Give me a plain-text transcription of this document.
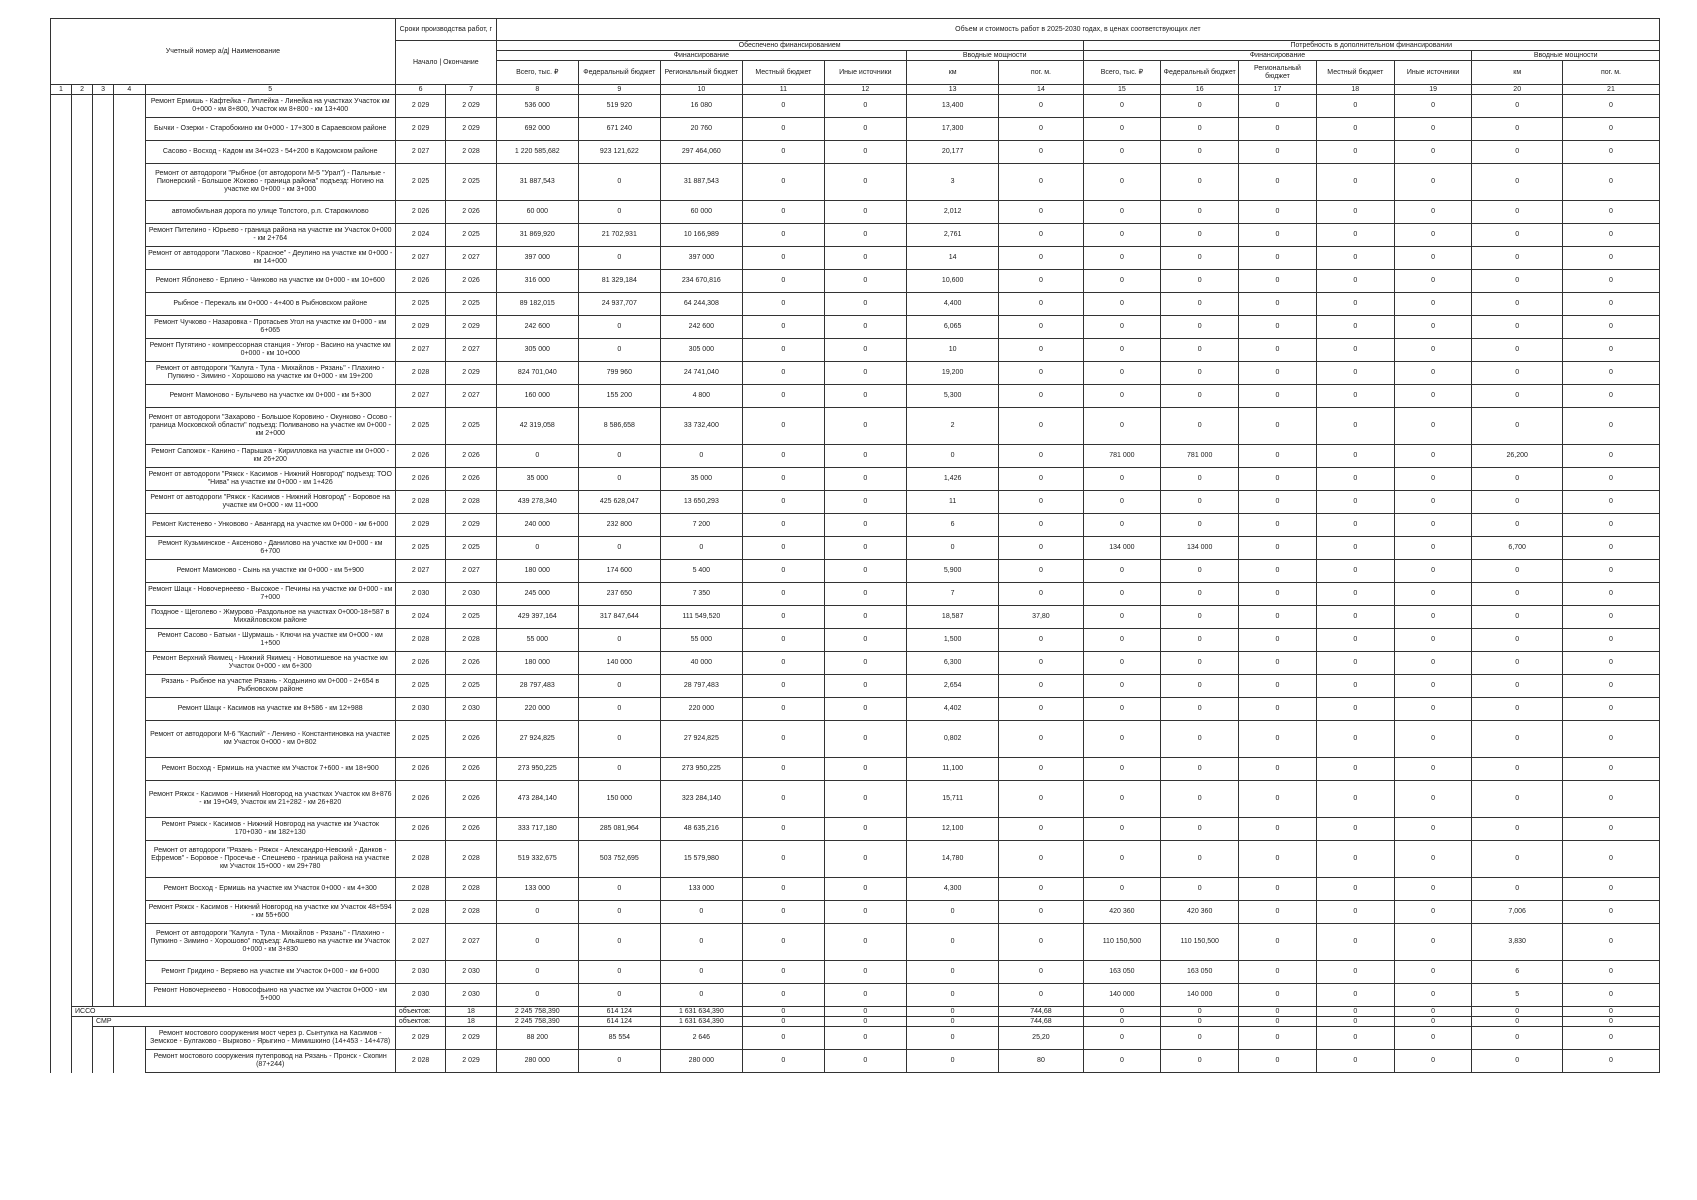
Учетный номер а/д| Наименование					Сроки производства работ, г		Объем и стоимость работ в 2025-2030 годах, в ценах соответствующих лет													
					Начало | Окончание		Обеспечено финансированием							Потребность в дополнительном финансировании						
							Финансирование					Вводные мощности		Финансирование					Вводные мощности	
							Всего, тыс. ₽	Федеральный бюджет	Региональный бюджет	Местный бюджет	Иные источники	км	пог. м.	Всего, тыс. ₽	Федеральный бюджет	Региональный бюджет	Местный бюджет	Иные источники	км	пог. м.
1	2	3	4	5	6	7	8	9	10	11	12	13	14	15	16	17	18	19	20	21
				Ремонт Ермишь - Кафтейка - Липлейка - Линейка на участках Участок км 0+000 - км 8+800, Участок км 8+800 - км 13+400	2 029	2 029	536 000	519 920	16 080	0	0	13,400	0	0	0	0	0	0	0	0
				Бычки - Озерки - Старобокино км 0+000 - 17+300 в Сараевском районе	2 029	2 029	692 000	671 240	20 760	0	0	17,300	0	0	0	0	0	0	0	0
				Сасово - Восход - Кадом км 34+023 - 54+200 в Кадомском районе	2 027	2 028	1 220 585,682	923 121,622	297 464,060	0	0	20,177	0	0	0	0	0	0	0	0
				Ремонт от автодороги "Рыбное (от автодороги М-5 "Урал") - Пальные - Пионерский - Большое Жоково - граница района" подъезд: Ногино на участке км 0+000 - км 3+000	2 025	2 025	31 887,543	0	31 887,543	0	0	3	0	0	0	0	0	0	0	0
				автомобильная дорога по улице Толстого, р.п. Старожилово	2 026	2 026	60 000	0	60 000	0	0	2,012	0	0	0	0	0	0	0	0
				Ремонт Пителино - Юрьево - граница района на участке км Участок 0+000 - км 2+764	2 024	2 025	31 869,920	21 702,931	10 166,989	0	0	2,761	0	0	0	0	0	0	0	0
				Ремонт от автодороги "Ласково - Красное" - Деулино на участке км 0+000 - км 14+000	2 027	2 027	397 000	0	397 000	0	0	14	0	0	0	0	0	0	0	0
				Ремонт Яблонево - Ерлино - Чинково на участке км 0+000 - км 10+600	2 026	2 026	316 000	81 329,184	234 670,816	0	0	10,600	0	0	0	0	0	0	0	0
				Рыбное - Перекаль км 0+000 - 4+400 в Рыбновском районе	2 025	2 025	89 182,015	24 937,707	64 244,308	0	0	4,400	0	0	0	0	0	0	0	0
				Ремонт Чучково - Назаровка - Протасьев Угол на участке км 0+000 - км 6+065	2 029	2 029	242 600	0	242 600	0	0	6,065	0	0	0	0	0	0	0	0
				Ремонт Путятино - компрессорная станция - Унгор - Васино на участке км 0+000 - км 10+000	2 027	2 027	305 000	0	305 000	0	0	10	0	0	0	0	0	0	0	0
				Ремонт от автодороги "Калуга - Тула - Михайлов - Рязань" - Плахино - Пупкино - Зимино - Хорошово на участке км 0+000 - км 19+200	2 028	2 029	824 701,040	799 960	24 741,040	0	0	19,200	0	0	0	0	0	0	0	0
				Ремонт Мамоново - Булычево на участке км 0+000 - км 5+300	2 027	2 027	160 000	155 200	4 800	0	0	5,300	0	0	0	0	0	0	0	0
				Ремонт от автодороги "Захарово - Большое Коровино - Окунково - Осово - граница Московской области" подъезд: Поливаново на участке км 0+000 - км 2+000	2 025	2 025	42 319,058	8 586,658	33 732,400	0	0	2	0	0	0	0	0	0	0	0
				Ремонт Сапожок - Канино - Парышка - Кирилловка на участке км 0+000 - км 26+200	2 026	2 026	0	0	0	0	0	0	0	781 000	781 000	0	0	0	26,200	0
				Ремонт от автодороги "Ряжск - Касимов - Нижний Новгород" подъезд: ТОО "Нива" на участке км 0+000 - км 1+426	2 026	2 026	35 000	0	35 000	0	0	1,426	0	0	0	0	0	0	0	0
				Ремонт от автодороги "Ряжск - Касимов - Нижний Новгород" - Боровое на участке км 0+000 - км 11+000	2 028	2 028	439 278,340	425 628,047	13 650,293	0	0	11	0	0	0	0	0	0	0	0
				Ремонт Кистенево - Унковово - Авангард на участке км 0+000 - км 6+000	2 029	2 029	240 000	232 800	7 200	0	0	6	0	0	0	0	0	0	0	0
				Ремонт Кузьминское - Аксеново - Даниловo на участке км 0+000 - км 6+700	2 025	2 025	0	0	0	0	0	0	0	134 000	134 000	0	0	0	6,700	0
				Ремонт Мамоново - Сынь на участке км 0+000 - км 5+900	2 027	2 027	180 000	174 600	5 400	0	0	5,900	0	0	0	0	0	0	0	0
				Ремонт Шацк - Новочернеево - Высокое - Печины на участке км 0+000 - км 7+000	2 030	2 030	245 000	237 650	7 350	0	0	7	0	0	0	0	0	0	0	0
				Поздное - Щеголево - Жмурово -Раздольное на участках 0+000-18+587 в Михайловском районе	2 024	2 025	429 397,164	317 847,644	111 549,520	0	0	18,587	37,80	0	0	0	0	0	0	0
				Ремонт Сасово - Батьки - Шурмашь - Ключи на участке км 0+000 - км 1+500	2 028	2 028	55 000	0	55 000	0	0	1,500	0	0	0	0	0	0	0	0
				Ремонт Верхний Якимец - Нижний Якимец - Новотишевое на участке км Участок 0+000 - км 6+300	2 026	2 026	180 000	140 000	40 000	0	0	6,300	0	0	0	0	0	0	0	0
				Рязань - Рыбное на участке Рязань - Ходынино км 0+000 - 2+654 в Рыбновском районе	2 025	2 025	28 797,483	0	28 797,483	0	0	2,654	0	0	0	0	0	0	0	0
				Ремонт Шацк - Касимов на участке км 8+586 - км 12+988	2 030	2 030	220 000	0	220 000	0	0	4,402	0	0	0	0	0	0	0	0
				Ремонт от автодороги М-6 "Каспий" - Ленино - Константиновка на участке км Участок 0+000 - км 0+802	2 025	2 026	27 924,825	0	27 924,825	0	0	0,802	0	0	0	0	0	0	0	0
				Ремонт Восход - Ермишь на участке км Участок 7+600 - км 18+900	2 026	2 026	273 950,225	0	273 950,225	0	0	11,100	0	0	0	0	0	0	0	0
				Ремонт Ряжск - Касимов - Нижний Новгород на участках Участок км 8+876 - км 19+049, Участок км 21+282 - км 26+820	2 026	2 026	473 284,140	150 000	323 284,140	0	0	15,711	0	0	0	0	0	0	0	0
				Ремонт Ряжск - Касимов - Нижний Новгород на участке км Участок 170+030 - км 182+130	2 026	2 026	333 717,180	285 081,964	48 635,216	0	0	12,100	0	0	0	0	0	0	0	0
				Ремонт от автодороги "Рязань - Ряжск - Александро-Невский - Данков - Ефремов" - Боровое - Просечье - Спешнево - граница района на участке км Участок 15+000 - км 29+780	2 028	2 028	519 332,675	503 752,695	15 579,980	0	0	14,780	0	0	0	0	0	0	0	0
				Ремонт Восход - Ермишь на участке км Участок 0+000 - км 4+300	2 028	2 028	133 000	0	133 000	0	0	4,300	0	0	0	0	0	0	0	0
				Ремонт Ряжск - Касимов - Нижний Новгород на участке км Участок 48+594 - км 55+600	2 028	2 028	0	0	0	0	0	0	0	420 360	420 360	0	0	0	7,006	0
				Ремонт от автодороги "Калуга - Тула - Михайлов - Рязань" - Плахино - Пупкино - Зимино - Хорошово" подъезд: Альяшево на участке км Участок 0+000 - км 3+830	2 027	2 027	0	0	0	0	0	0	0	110 150,500	110 150,500	0	0	0	3,830	0
				Ремонт Гридино - Веряево на участке км Участок 0+000 - км 6+000	2 030	2 030	0	0	0	0	0	0	0	163 050	163 050	0	0	0	6	0
				Ремонт Новочернеево - Новософьино на участке км Участок 0+000 - км 5+000	2 030	2 030	0	0	0	0	0	0	0	140 000	140 000	0	0	0	5	0
	ИССО				объектов:	18	2 245 758,390	614 124	1 631 634,390	0	0	0	744,68	0	0	0	0	0	0	0
		СМР			объектов:	18	2 245 758,390	614 124	1 631 634,390	0	0	0	744,68	0	0	0	0	0	0	0
				Ремонт мостового сооружения мост через р. Сынтулка на Касимов - Земское - Булгаково - Вырково - Ярыгино - Мимишкино (14+453 - 14+478)	2 029	2 029	88 200	85 554	2 646	0	0	0	25,20	0	0	0	0	0	0	0
				Ремонт мостового сооружения путепровод на Рязань - Пронск - Скопин (87+244)	2 028	2 029	280 000	0	280 000	0	0	0	80	0	0	0	0	0	0	0
